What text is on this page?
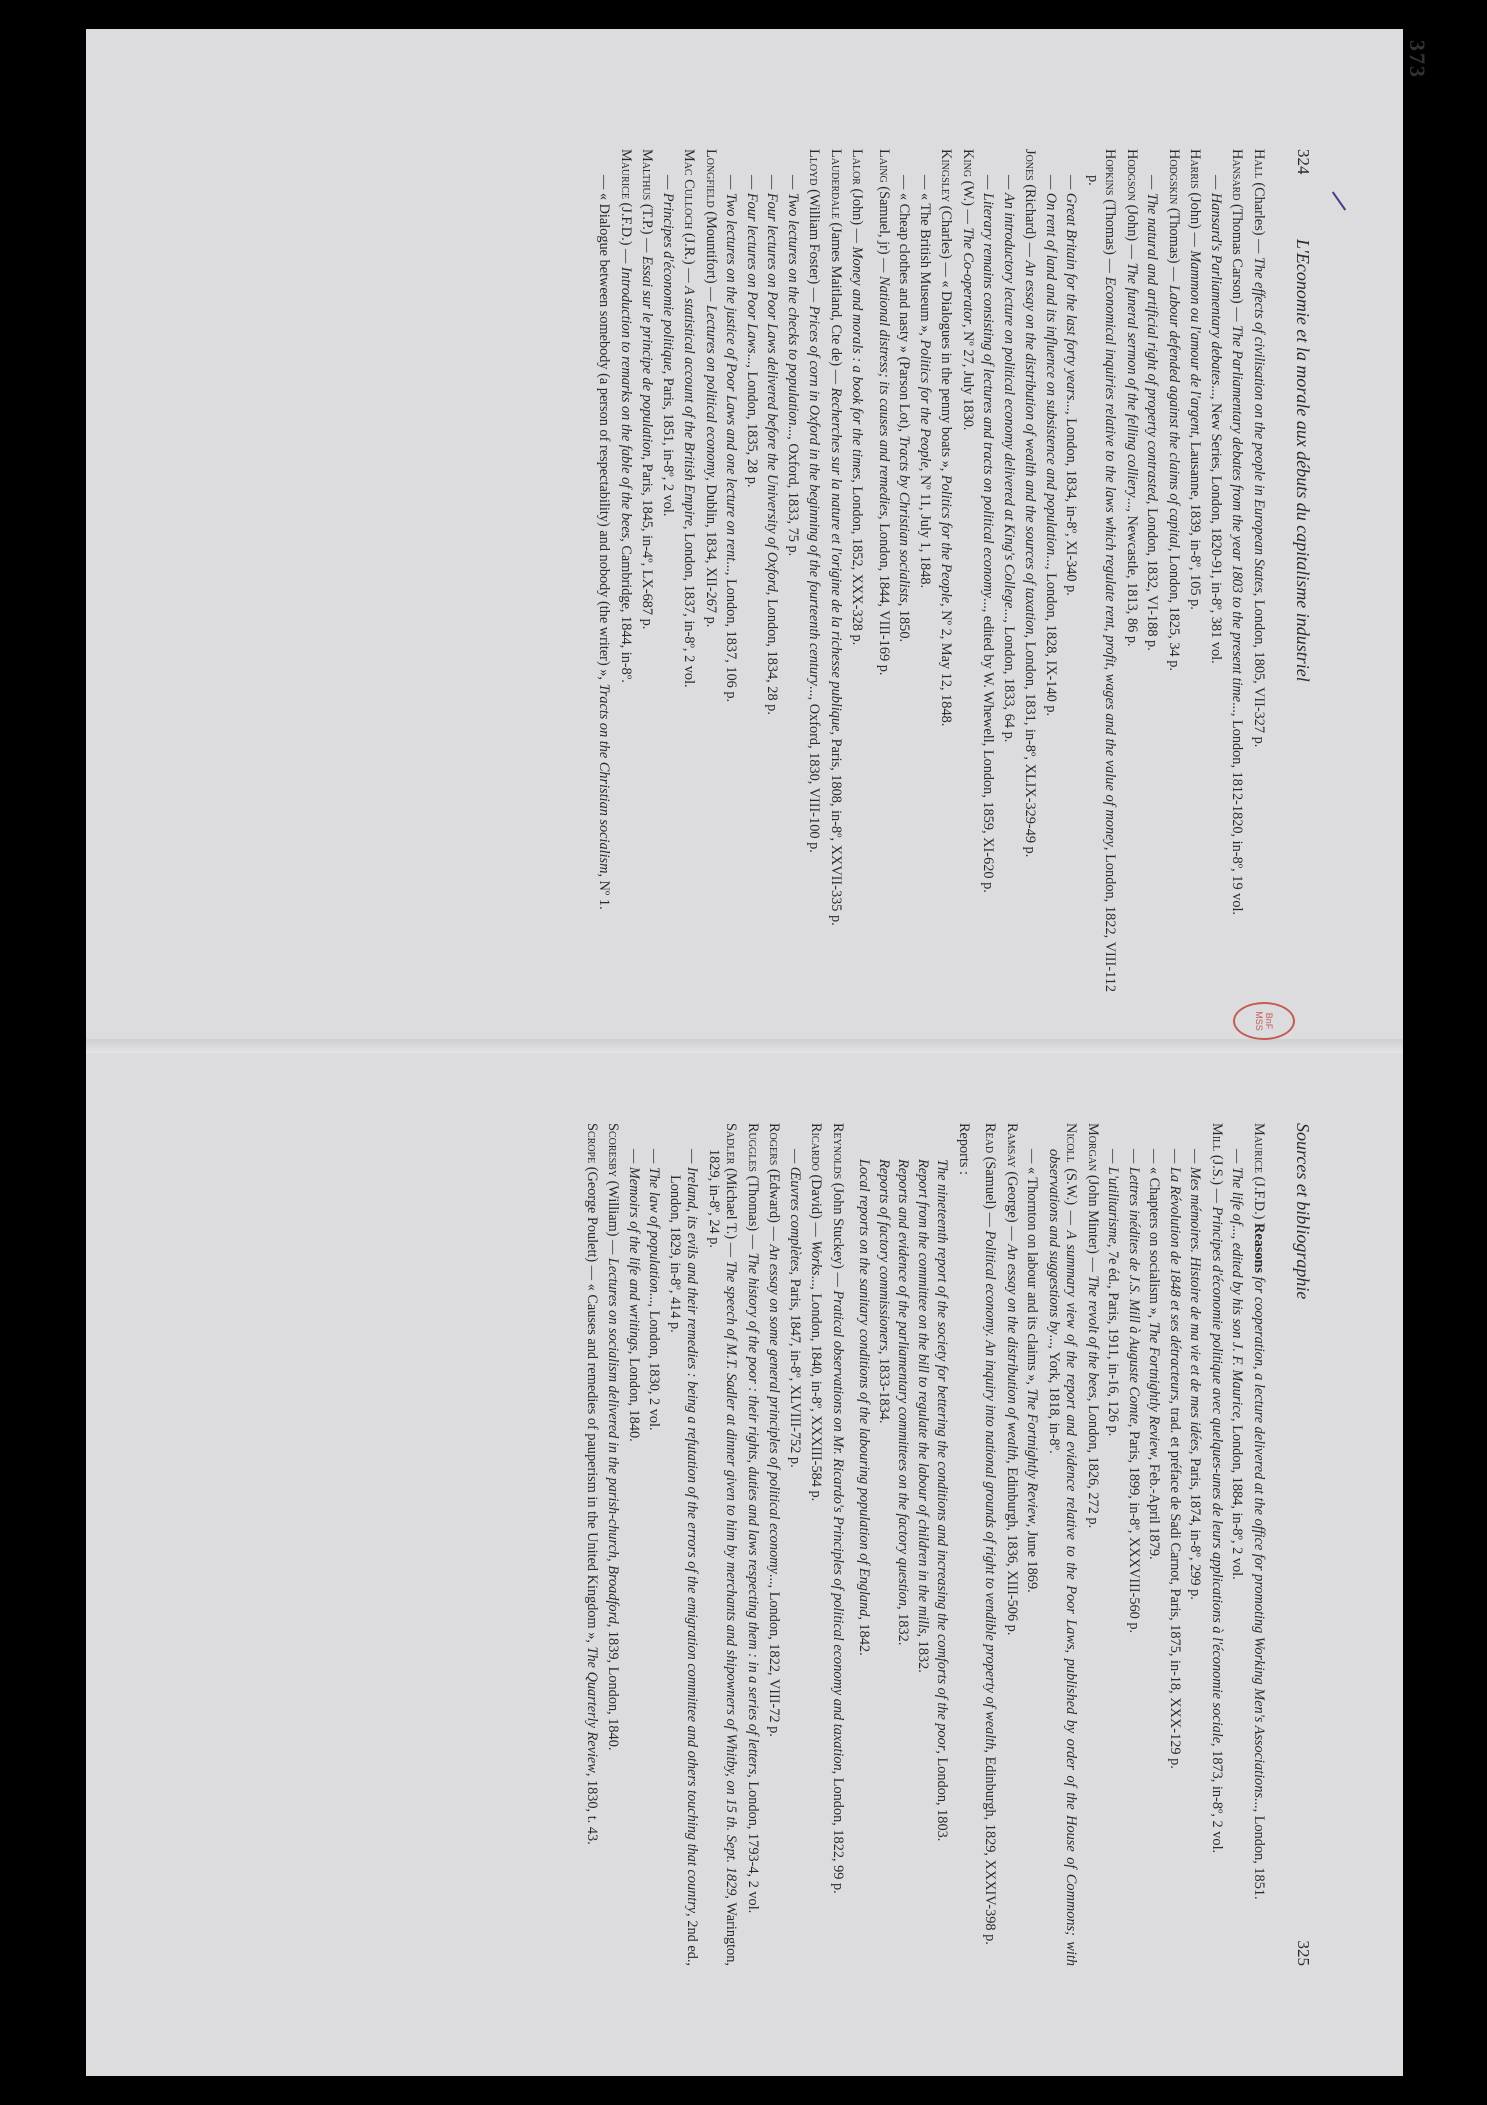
324
L'Economie et la morale aux débuts du capitalisme industriel

Hall (Charles) — The effects of civilisation on the people in European States, London, 1805, VII-327 p.

Hansard (Thomas Carson) — The Parliamentary debates from the year 1803 to the present time..., London, 1812-1820, in-8º, 19 vol.

— Hansard's Parliamentary debates..., New Series, London, 1820-91, in-8º, 381 vol.

Harris (John) — Mammon ou l'amour de l'argent, Lausanne, 1839, in-8º, 105 p.

Hodgskin (Thomas) — Labour defended against the claims of capital, London, 1825, 34 p.

— The natural and artificial right of property contrasted, London, 1832, VI-188 p.

Hodgson (John) — The funeral sermon of the felling colliery..., Newcastle, 1813, 86 p.

Hopkins (Thomas) — Economical inquiries relative to the laws which regulate rent, profit, wages and the value of money, London, 1822, VIII-112 p.

— Great Britain for the last forty years..., London, 1834, in-8º, XI-340 p.

— On rent of land and its influence on subsistence and population..., London, 1828, IX-140 p.

Jones (Richard) — An essay on the distribution of wealth and the sources of taxation, London, 1831, in-8º, XLIX-329-49 p.

— An introductory lecture on political economy delivered at King's College..., London, 1833, 64 p.

— Literary remains consisting of lectures and tracts on political economy..., edited by W. Whewell, London, 1859, XI-620 p.

King (W.) — The Co-operator, Nº 27, July 1830.

Kingsley (Charles) — « Dialogues in the penny boats », Politics for the People, Nº 2, May 12, 1848.

— « The British Museum », Politics for the People, Nº 11, July 1, 1848.

— « Cheap clothes and nasty » (Parson Lot), Tracts by Christian socialists, 1850.

Laing (Samuel, jr) — National distress; its causes and remedies, London, 1844, VIII-169 p.

Lalor (John) — Money and morals : a book for the times, London, 1852, XXX-328 p.

Lauderdale (James Maitland, Cte de) — Recherches sur la nature et l'origine de la richesse publique, Paris, 1808, in-8º, XXVII-335 p.

Lloyd (William Foster) — Prices of corn in Oxford in the beginning of the fourteenth century..., Oxford, 1830, VIII-100 p.

— Two lectures on the checks to population..., Oxford, 1833, 75 p.

— Four lectures on Poor Laws delivered before the University of Oxford, London, 1834, 28 p.

— Four lectures on Poor Laws..., London, 1835, 28 p.

— Two lectures on the justice of Poor Laws and one lecture on rent..., London, 1837, 106 p.

Longfield (Mountifort) — Lectures on political economy, Dublin, 1834, XII-267 p.

Mac Culloch (J.R.) — A statistical account of the British Empire, London, 1837, in-8º, 2 vol.

— Principes d'économie politique, Paris, 1851, in-8º, 2 vol.

Malthus (T.P.) — Essai sur le principe de population, Paris, 1845, in-4º, LX-687 p.

Maurice (J.F.D.) — Introduction to remarks on the fable of the bees, Cambridge, 1844, in-8º.

— « Dialogue between somebody (a person of respectability) and nobody (the writer) », Tracts on the Christian socialism, Nº 1.

Sources et bibliographie
325

Maurice (J.F.D.) Reasons for cooperation, a lecture delivered at the office for promoting Working Men's Associations..., London, 1851.

— The life of..., edited by his son J. F. Maurice, London, 1884, in-8º, 2 vol.

Mill (J.S.) — Principes d'économie politique avec quelques-unes de leurs applications à l'économie sociale, 1873, in-8º, 2 vol.

— Mes mémoires. Histoire de ma vie et de mes idées, Paris, 1874, in-8º, 299 p.

— La Révolution de 1848 et ses détracteurs, trad. et préface de Sadi Carnot, Paris, 1875, in-18, XXX-129 p.

— « Chapters on socialism », The Fortnightly Review, Feb.-April 1879.

— Lettres inédites de J.S. Mill à Auguste Comte, Paris, 1899, in-8º, XXXVIII-560 p.

— L'utilitarisme, 7e éd., Paris, 1911, in-16, 126 p.

Morgan (John Minter) — The revolt of the bees, London, 1826, 272 p.

Nicoll (S.W.) — A summary view of the report and evidence relative to the Poor Laws, published by order of the House of Commons; with observations and suggestions by..., York, 1818, in-8º.

— « Thornton on labour and its claims », The Fortnightly Review, June 1869.

Ramsay (George) — An essay on the distribution of wealth, Edinburgh, 1836, XIII-506 p.

Read (Samuel) — Political economy. An inquiry into national grounds of right to vendible property of wealth, Edinburgh, 1829, XXXIV-398 p.

Reports :

The nineteenth report of the society for bettering the conditions and increasing the comforts of the poor, London, 1803.

Report from the committee on the bill to regulate the labour of children in the mills, 1832.

Reports and evidence of the parliamentary committees on the factory question, 1832.

Reports of factory commissioners, 1833-1834.

Local reports on the sanitary conditions of the labouring population of England, 1842.

Reynolds (John Stuckey) — Pratical observations on Mr. Ricardo's Principles of political economy and taxation, London, 1822, 99 p.

Ricardo (David) — Works..., London, 1840, in-8º, XXXIII-584 p.

— Œuvres complètes, Paris, 1847, in-8º, XLVIII-752 p.

Rogers (Edward) — An essay on some general principles of political economy..., London, 1822, VIII-72 p.

Ruggles (Thomas) — The history of the poor : their rights, duties and laws respecting them : in a series of letters, London, 1793-4, 2 vol.

Sadler (Michael T.) — The speech of M.T. Sadler at dinner given to him by merchants and shipowners of Whitby, on 15 th. Sept. 1829, Warington, 1829, in-8º, 24 p.

— Ireland, its evils and their remedies : being a refutation of the errors of the emigration committee and others touching that country, 2nd ed., London, 1829, in-8º, 414 p.

— The law of population..., London, 1830, 2 vol.

— Memoirs of the life and writings, London, 1840.

Scoresby (William) — Lectures on socialism delivered in the parish-church, Broadford, 1839, London, 1840.

Scrope (George Poulett) — « Causes and remedies of pauperism in the United Kingdom », The Quarterly Review, 1830, t. 43.

373
BnF MSS
